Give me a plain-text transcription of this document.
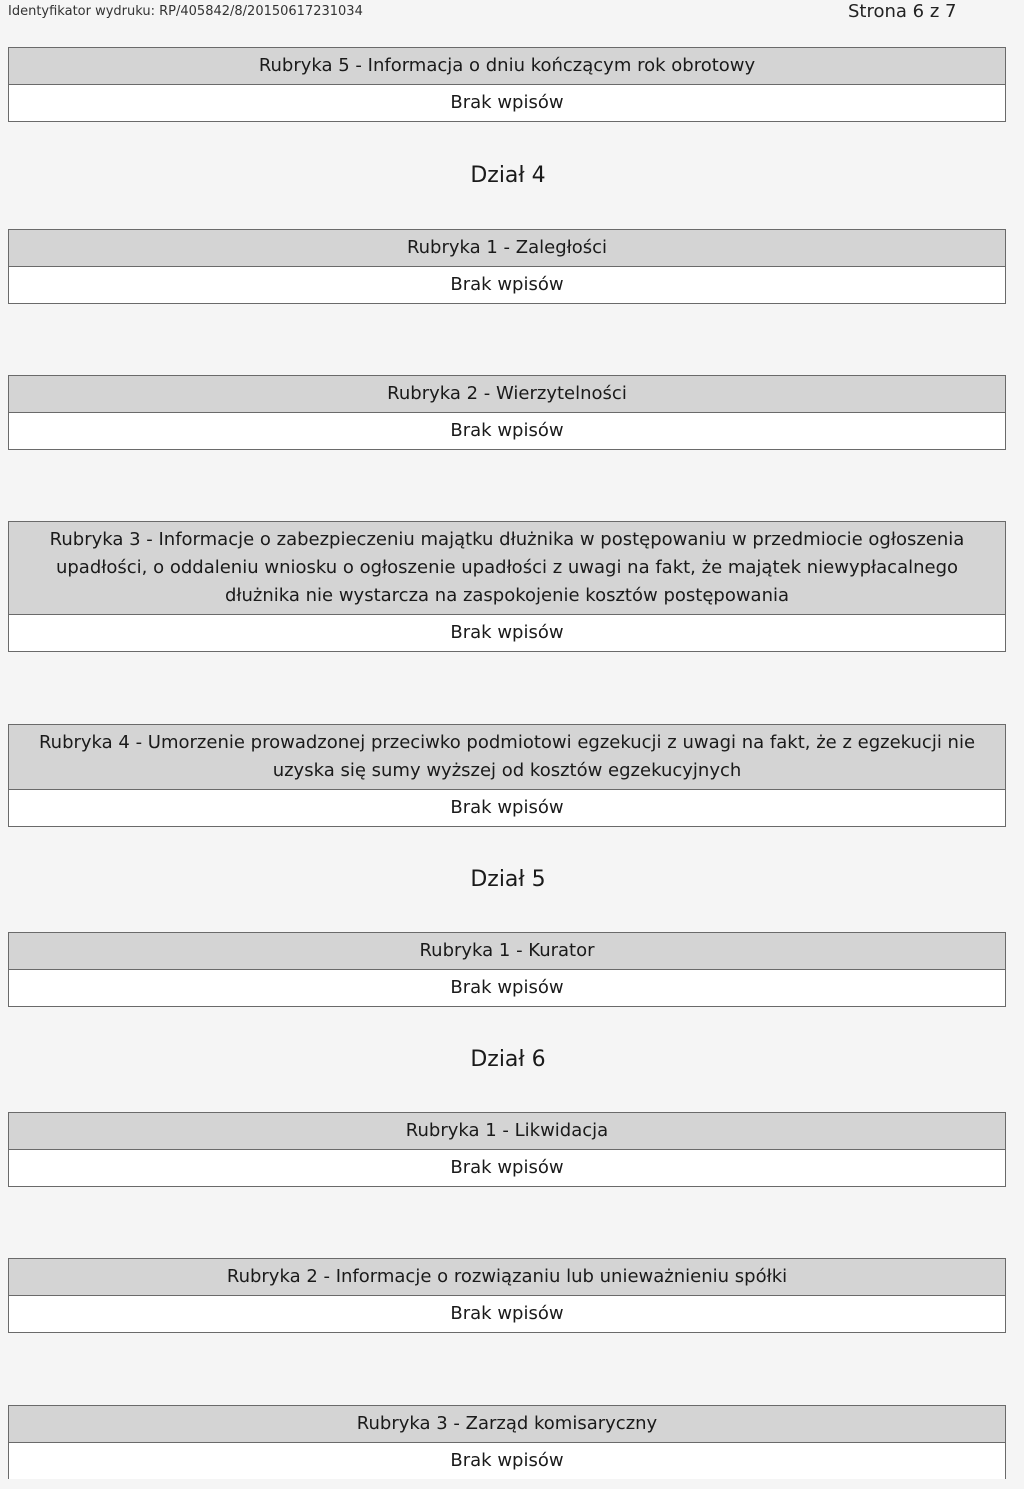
Identyfikator wydruku: RP/405842/8/20150617231034	Strona 6 z 7
Rubryka 5 - Informacja o dniu kończącym rok obrotowy
Brak wpisów
Dział 4
Rubryka 1 - Zaległości
Brak wpisów
Rubryka 2 - Wierzytelności
Brak wpisów
Rubryka 3 - Informacje o zabezpieczeniu majątku dłużnika w postępowaniu w przedmiocie ogłoszenia upadłości, o oddaleniu wniosku o ogłoszenie upadłości z uwagi na fakt, że majątek niewypłacalnego dłużnika nie wystarcza na zaspokojenie kosztów postępowania
Brak wpisów
Rubryka 4 - Umorzenie prowadzonej przeciwko podmiotowi egzekucji z uwagi na fakt, że z egzekucji nie uzyska się sumy wyższej od kosztów egzekucyjnych
Brak wpisów
Dział 5
Rubryka 1 - Kurator
Brak wpisów
Dział 6
Rubryka 1 - Likwidacja
Brak wpisów
Rubryka 2 - Informacje o rozwiązaniu lub unieważnieniu spółki
Brak wpisów
Rubryka 3 - Zarząd komisaryczny
Brak wpisów
